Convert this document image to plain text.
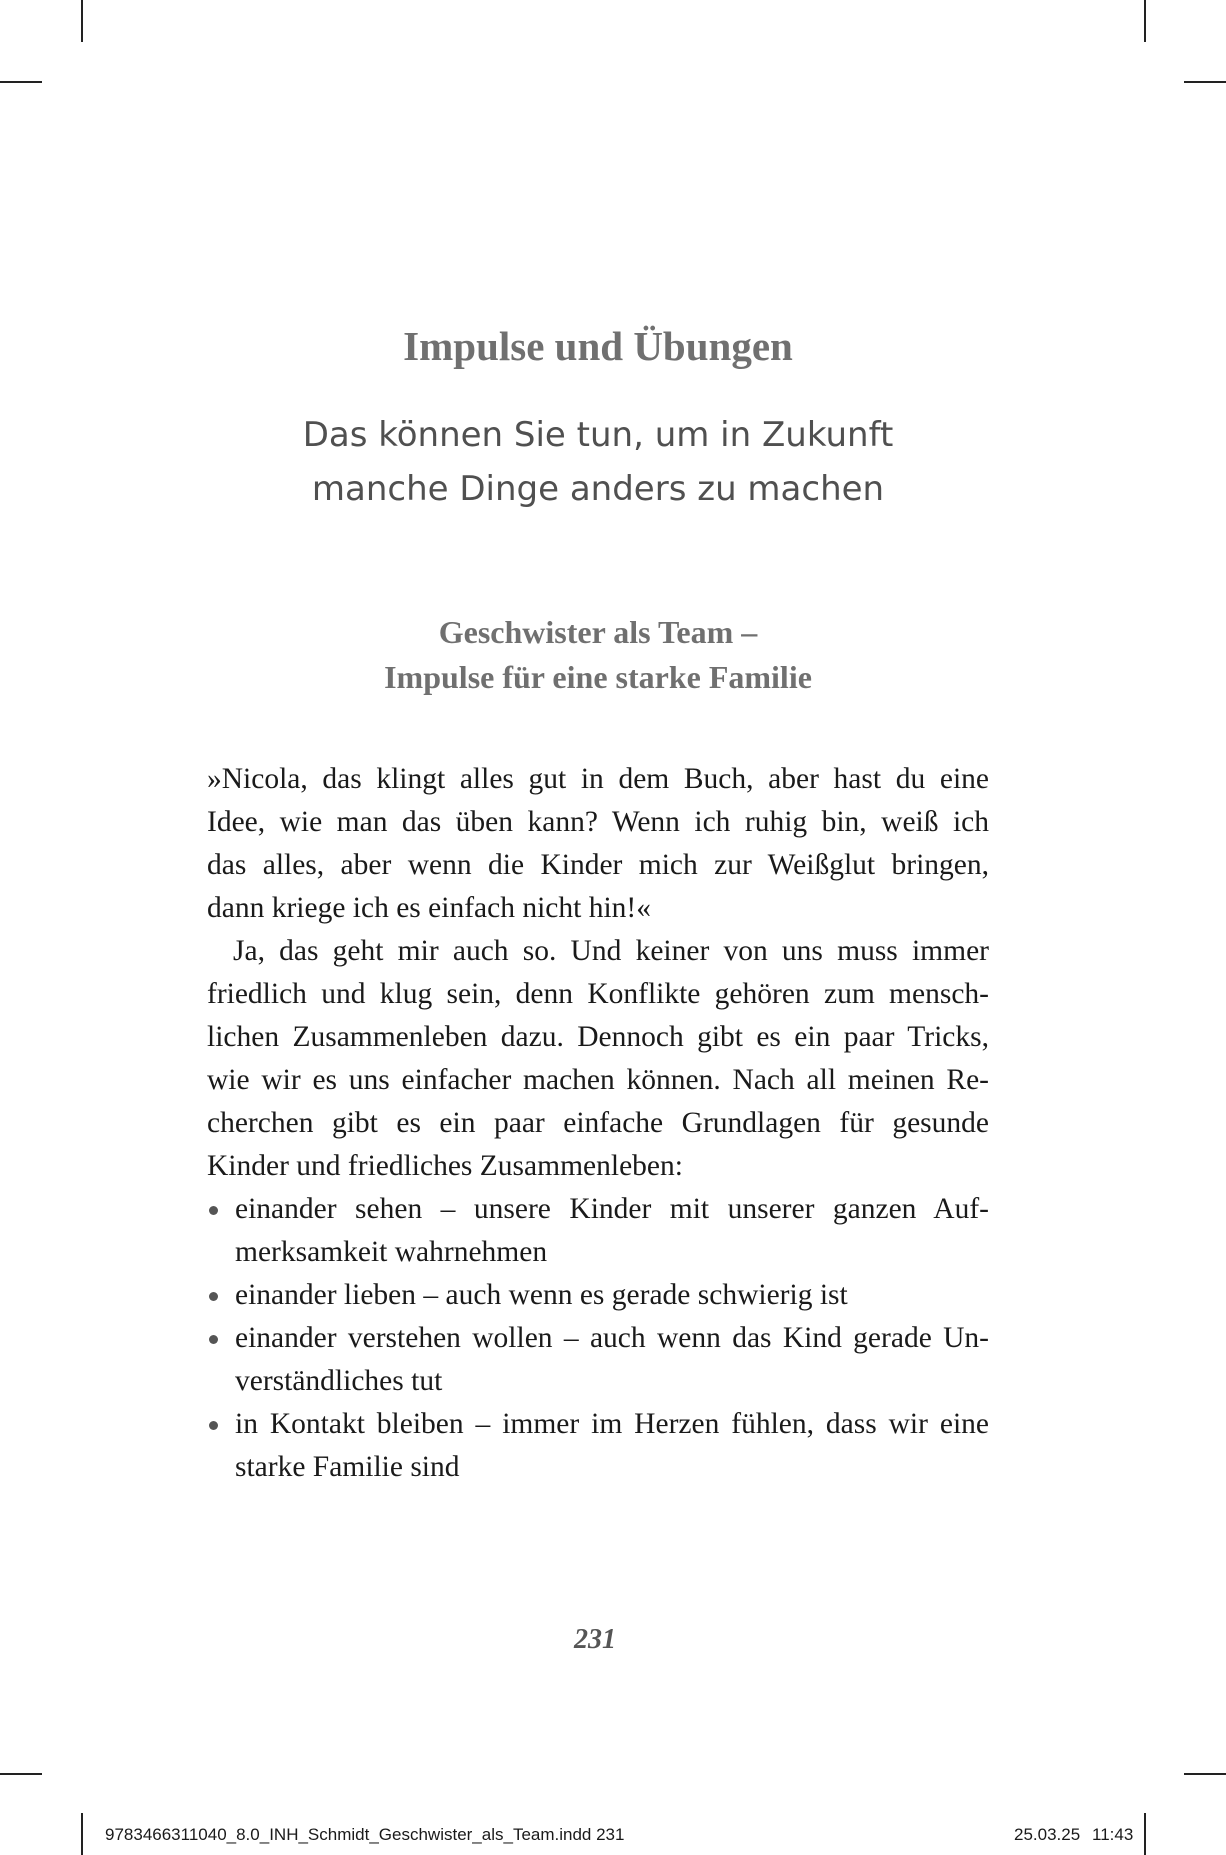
Impulse und Übungen
Das können Sie tun, um in Zukunft
manche Dinge anders zu machen
Geschwister als Team –
Impulse für eine starke Familie

»Nicola, das klingt alles gut in dem Buch, aber hast du eine
Idee, wie man das üben kann? Wenn ich ruhig bin, weiß ich
das alles, aber wenn die Kinder mich zur Weißglut bringen,
dann kriege ich es einfach nicht hin!«

Ja, das geht mir auch so. Und keiner von uns muss immer
friedlich und klug sein, denn Konflikte gehören zum mensch-
lichen Zusammenleben dazu. Dennoch gibt es ein paar Tricks,
wie wir es uns einfacher machen können. Nach all meinen Re-
cherchen gibt es ein paar einfache Grundlagen für gesunde
Kinder und friedliches Zusammenleben:

einander sehen – unsere Kinder mit unserer ganzen Auf-
merksamkeit wahrnehmen
einander lieben – auch wenn es gerade schwierig ist
einander verstehen wollen – auch wenn das Kind gerade Un-
verständliches tut
in Kontakt bleiben – immer im Herzen fühlen, dass wir eine
starke Familie sind
231
9783466311040_8.0_INH_Schmidt_Geschwister_als_Team.indd 231	25.03.25 11:43
